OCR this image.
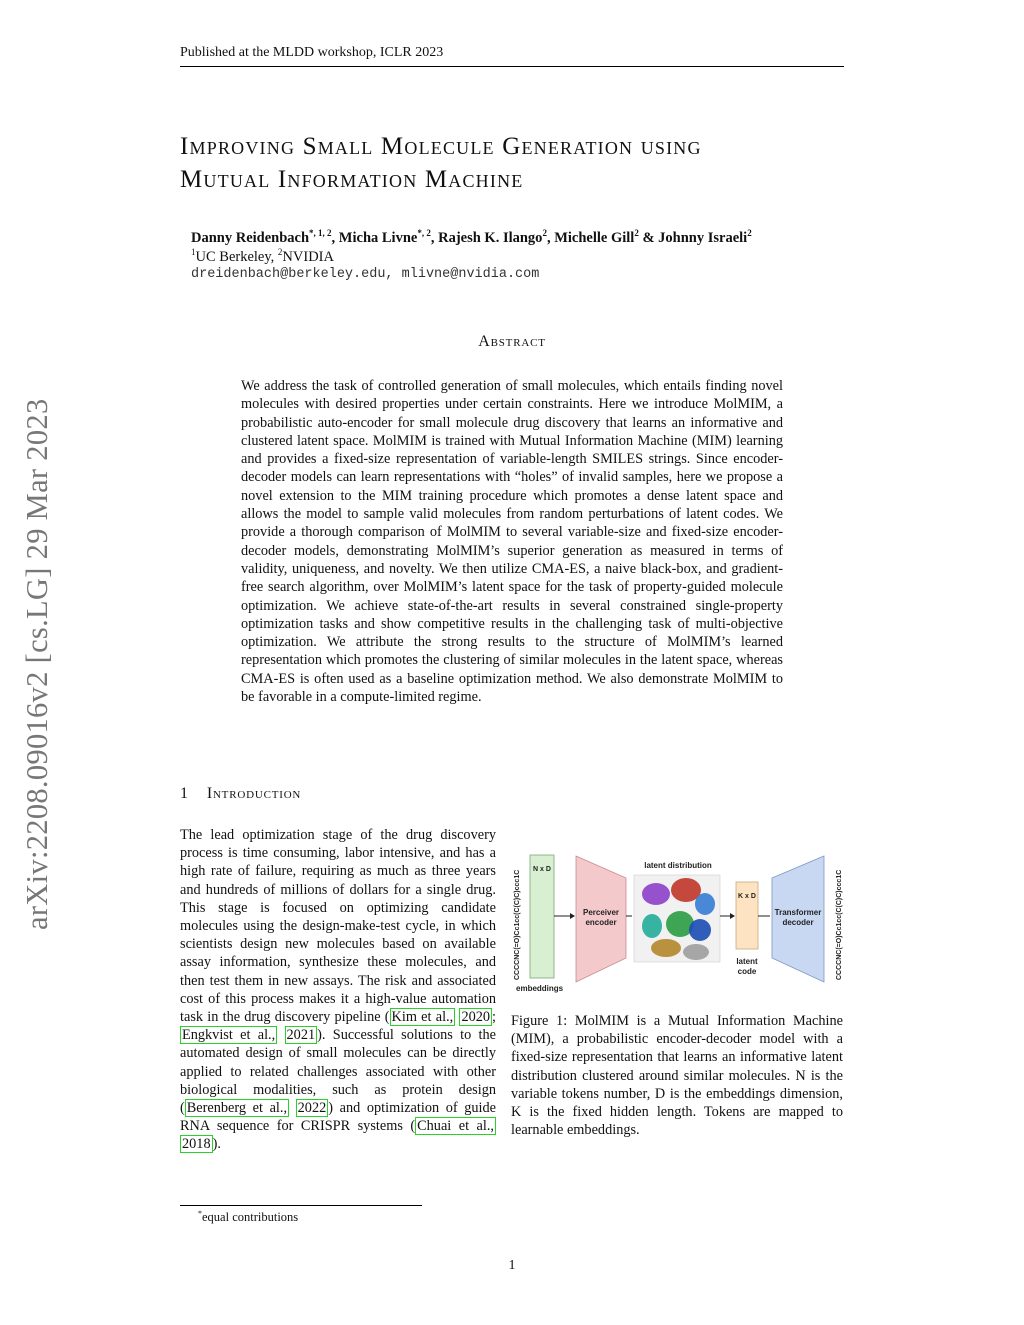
Published at the MLDD workshop, ICLR 2023
arXiv:2208.09016v2 [cs.LG] 29 Mar 2023
Improving Small Molecule Generation using
Mutual Information Machine
Danny Reidenbach$^{*, 1, 2}$, Micha Livne$^{*, 2}$, Rajesh K. Ilango$^2$, Michelle Gill$^2$ & Johnny Israeli$^2$
$^1$UC Berkeley, $^2$NVIDIA
dreidenbach@berkeley.edu, mlivne@nvidia.com
Abstract
We address the task of controlled generation of small molecules, which entails finding novel molecules with desired properties under certain constraints. Here we introduce MolMIM, a probabilistic auto-encoder for small molecule drug discovery that learns an informative and clustered latent space. MolMIM is trained with Mutual Information Machine (MIM) learning and provides a fixed-size representation of variable-length SMILES strings. Since encoder-decoder models can learn representations with “holes” of invalid samples, here we propose a novel extension to the MIM training procedure which promotes a dense latent space and allows the model to sample valid molecules from random perturbations of latent codes. We provide a thorough comparison of MolMIM to several variable-size and fixed-size encoder-decoder models, demonstrating MolMIM’s superior generation as measured in terms of validity, uniqueness, and novelty. We then utilize CMA-ES, a naive black-box, and gradient-free search algorithm, over MolMIM’s latent space for the task of property-guided molecule optimization. We achieve state-of-the-art results in several constrained single-property optimization tasks and show competitive results in the challenging task of multi-objective optimization. We attribute the strong results to the structure of MolMIM’s learned representation which promotes the clustering of similar molecules in the latent space, whereas CMA-ES is often used as a baseline optimization method. We also demonstrate MolMIM to be favorable in a compute-limited regime.
1 Introduction
The lead optimization stage of the drug discovery process is time consuming, labor intensive, and has a high rate of failure, requiring as much as three years and hundreds of millions of dollars for a single drug. This stage is focused on optimizing candidate molecules using the design-make-test cycle, in which scientists design new molecules based on available assay information, synthesize these molecules, and then test them in new assays. The risk and associated cost of this process makes it a high-value automation task in the drug discovery pipeline ( Kim et al., 2020 ; Engkvist et al., 2021 ). Successful solutions to the automated design of small molecules can be directly applied to related challenges associated with other biological modalities, such as protein design ( Berenberg et al., 2022 ) and optimization of guide RNA sequence for CRISPR systems ( Chuai et al., 2018 ).
CCCCNC(=O)Cc1cc(C(C)C)ccc1C
N x D
embeddings
Perceiver
encoder
latent distribution
K x D
latent
code
Transformer
decoder	CCCCNC(=O)Cc1cc(C(C)C)ccc1C
Figure 1: MolMIM is a Mutual Information Machine (MIM), a probabilistic encoder-decoder model with a fixed-size representation that learns an informative latent distribution clustered around similar molecules. N is the variable tokens number, D is the embeddings dimension, K is the fixed hidden length. Tokens are mapped to learnable embeddings.
*equal contributions
1
